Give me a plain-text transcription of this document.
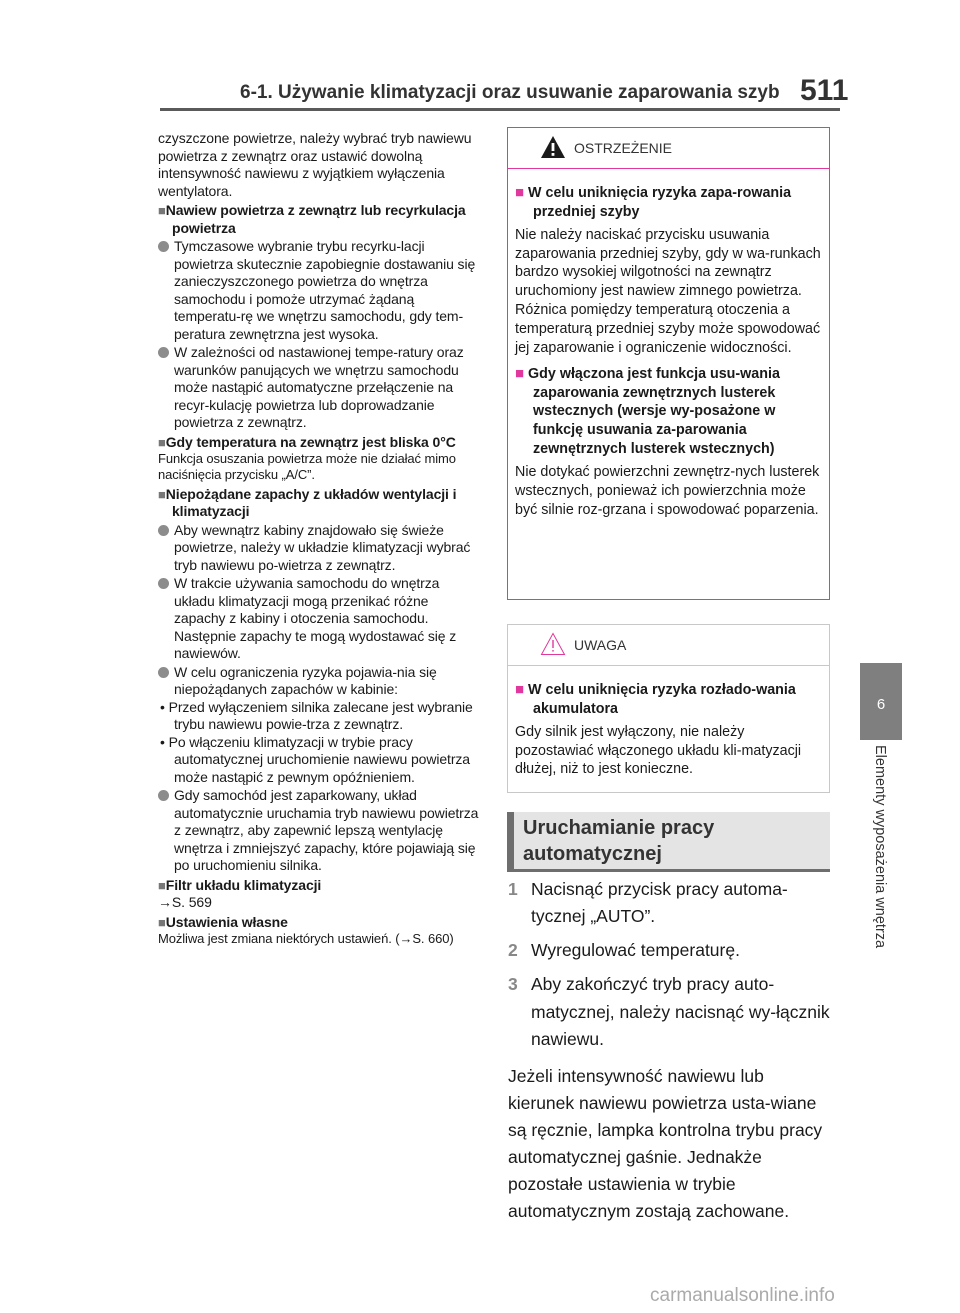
6-1. Używanie klimatyzacji oraz usuwanie zaparowania szyb 511
6
Elementy wyposażenia wnętrza

czyszczone powietrze, należy wybrać tryb nawiewu powietrza z zewnątrz oraz ustawić dowolną intensywność nawiewu z wyjątkiem wyłączenia wentylatora.

■Nawiew powietrza z zewnątrz lub recyrkulacja powietrza

Tymczasowe wybranie trybu recyrku-lacji powietrza skutecznie zapobiegnie dostawaniu się zanieczyszczonego powietrza do wnętrza samochodu i pomoże utrzymać żądaną temperatu-rę we wnętrzu samochodu, gdy tem-peratura zewnętrzna jest wysoka.

W zależności od nastawionej tempe-ratury oraz warunków panujących we wnętrzu samochodu może nastąpić automatyczne przełączenie na recyr-kulację powietrza lub doprowadzanie powietrza z zewnątrz.

■Gdy temperatura na zewnątrz jest bliska 0°C

Funkcja osuszania powietrza może nie działać mimo naciśnięcia przycisku „A/C”.

■Niepożądane zapachy z układów wentylacji i klimatyzacji

Aby wewnątrz kabiny znajdowało się świeże powietrze, należy w układzie klimatyzacji wybrać tryb nawiewu po-wietrza z zewnątrz.

W trakcie używania samochodu do wnętrza układu klimatyzacji mogą przenikać różne zapachy z kabiny i otoczenia samochodu. Następnie zapachy te mogą wydostawać się z nawiewów.

W celu ograniczenia ryzyka pojawia-nia się niepożądanych zapachów w kabinie:

• Przed wyłączeniem silnika zalecane jest wybranie trybu nawiewu powie-trza z zewnątrz.

• Po włączeniu klimatyzacji w trybie pracy automatycznej uruchomienie nawiewu powietrza może nastąpić z pewnym opóźnieniem.

Gdy samochód jest zaparkowany, układ automatycznie uruchamia tryb nawiewu powietrza z zewnątrz, aby zapewnić lepszą wentylację wnętrza i zmniejszyć zapachy, które pojawiają się po uruchomieniu silnika.

■Filtr układu klimatyzacji

→S. 569

■Ustawienia własne

Możliwa jest zmiana niektórych ustawień. (→S. 660)

OSTRZEŻENIE

■ W celu uniknięcia ryzyka zapa-rowania przedniej szyby

Nie należy naciskać przycisku usuwania zaparowania przedniej szyby, gdy w wa-runkach bardzo wysokiej wilgotności na zewnątrz uruchomiony jest nawiew zimnego powietrza. Różnica pomiędzy temperaturą otoczenia a temperaturą przedniej szyby może spowodować jej zaparowanie i ograniczenie widoczności.

■ Gdy włączona jest funkcja usu-wania zaparowania zewnętrznych lusterek wstecznych (wersje wy-posażone w funkcję usuwania za-parowania zewnętrznych lusterek wstecznych)

Nie dotykać powierzchni zewnętrz-nych lusterek wstecznych, ponieważ ich powierzchnia może być silnie roz-grzana i spowodować poparzenia.

UWAGA

■ W celu uniknięcia ryzyka rozłado-wania akumulatora

Gdy silnik jest wyłączony, nie należy pozostawiać włączonego układu kli-matyzacji dłużej, niż to jest konieczne.

Uruchamianie pracy
automatycznej
1 Nacisnąć przycisk pracy automa-tycznej „AUTO”.
2 Wyregulować temperaturę.
3 Aby zakończyć tryb pracy auto-matycznej, należy nacisnąć wy-łącznik nawiewu.
Jeżeli intensywność nawiewu lub kierunek nawiewu powietrza usta-wiane są ręcznie, lampka kontrolna trybu pracy automatycznej gaśnie. Jednakże pozostałe ustawienia w trybie automatycznym zostają zachowane.
carmanualsonline.info
